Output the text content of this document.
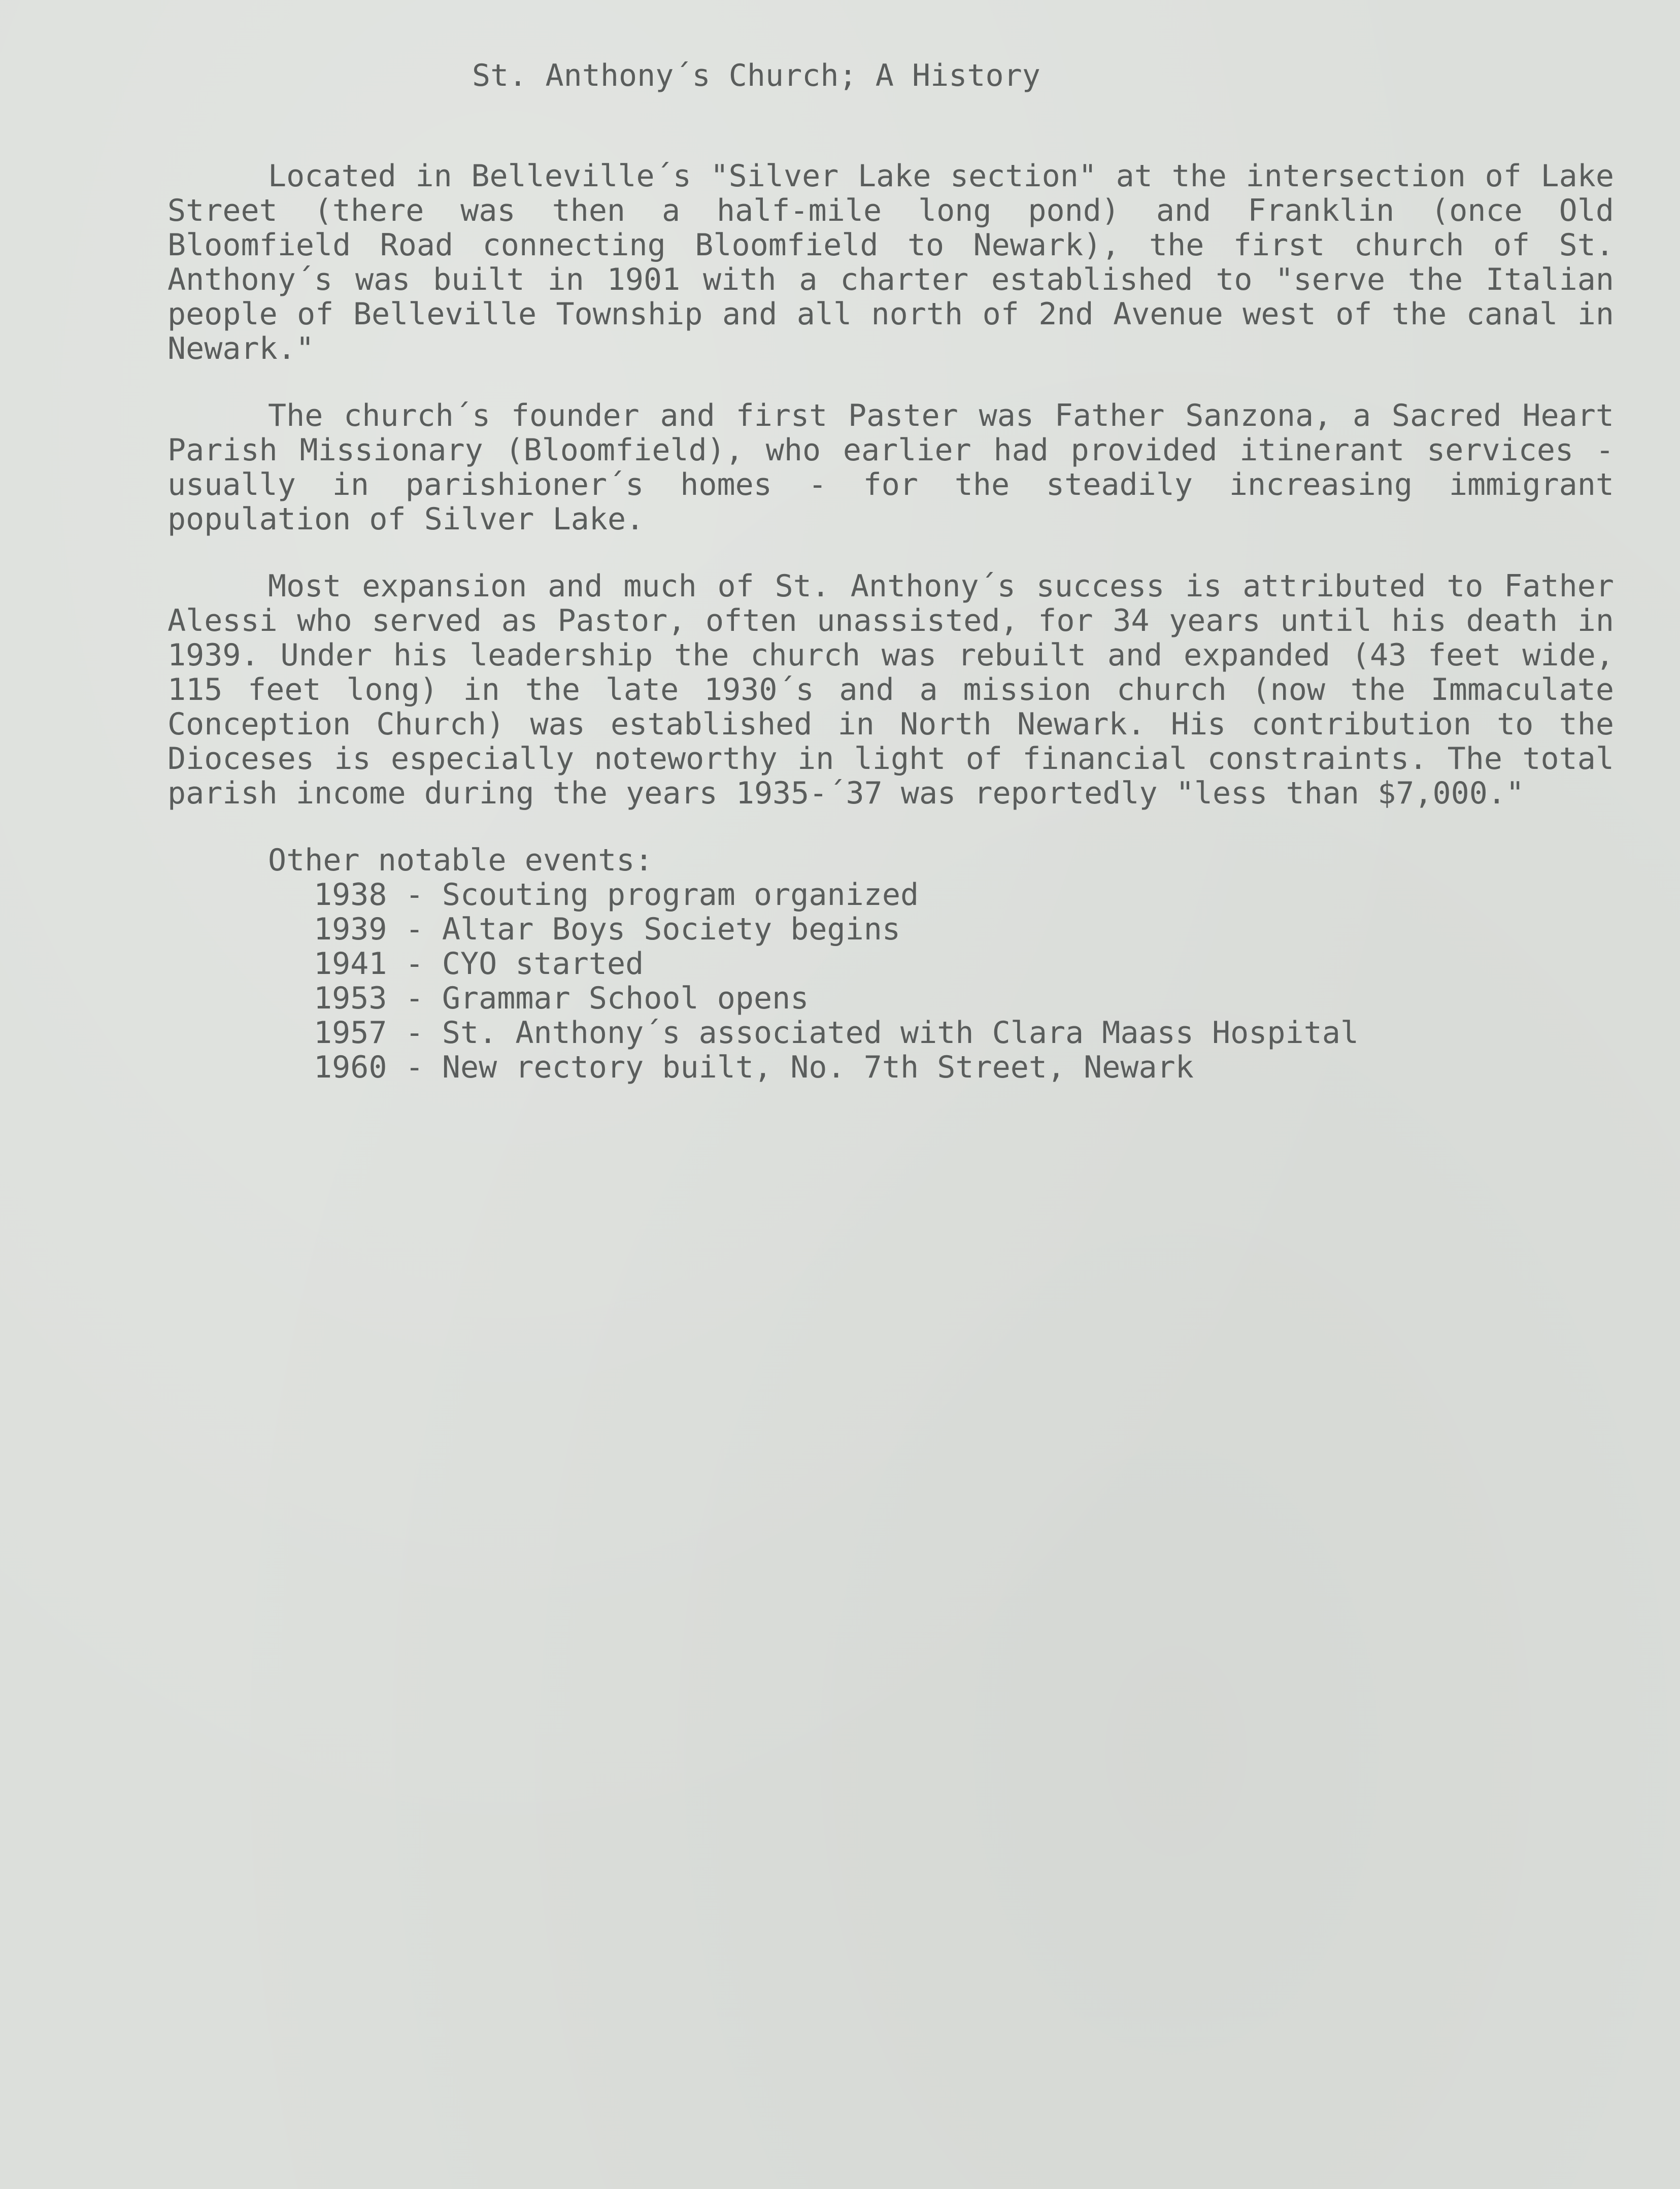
St. Anthony´s Church; A History

Located in Belleville´s "Silver Lake section" at the intersection of Lake Street (there was then a half-mile long pond) and Franklin (once Old Bloomfield Road connecting Bloomfield to Newark), the first church of St. Anthony´s was built in 1901 with a charter established to "serve the Italian people of Belleville Township and all north of 2nd Avenue west of the canal in Newark."

The church´s founder and first Paster was Father Sanzona, a Sacred Heart Parish Missionary (Bloomfield), who earlier had provided itinerant services - usually in parishioner´s homes - for the steadily increasing immigrant population of Silver Lake.

Most expansion and much of St. Anthony´s success is attributed to Father Alessi who served as Pastor, often unassisted, for 34 years until his death in 1939. Under his leadership the church was rebuilt and expanded (43 feet wide, 115 feet long) in the late 1930´s and a mission church (now the Immaculate Conception Church) was established in North Newark. His contribution to the Dioceses is especially noteworthy in light of financial constraints. The total parish income during the years 1935-´37 was reportedly "less than $7,000."

Other notable events:
1938 - Scouting program organized
1939 - Altar Boys Society begins
1941 - CYO started
1953 - Grammar School opens
1957 - St. Anthony´s associated with Clara Maass Hospital
1960 - New rectory built, No. 7th Street, Newark
